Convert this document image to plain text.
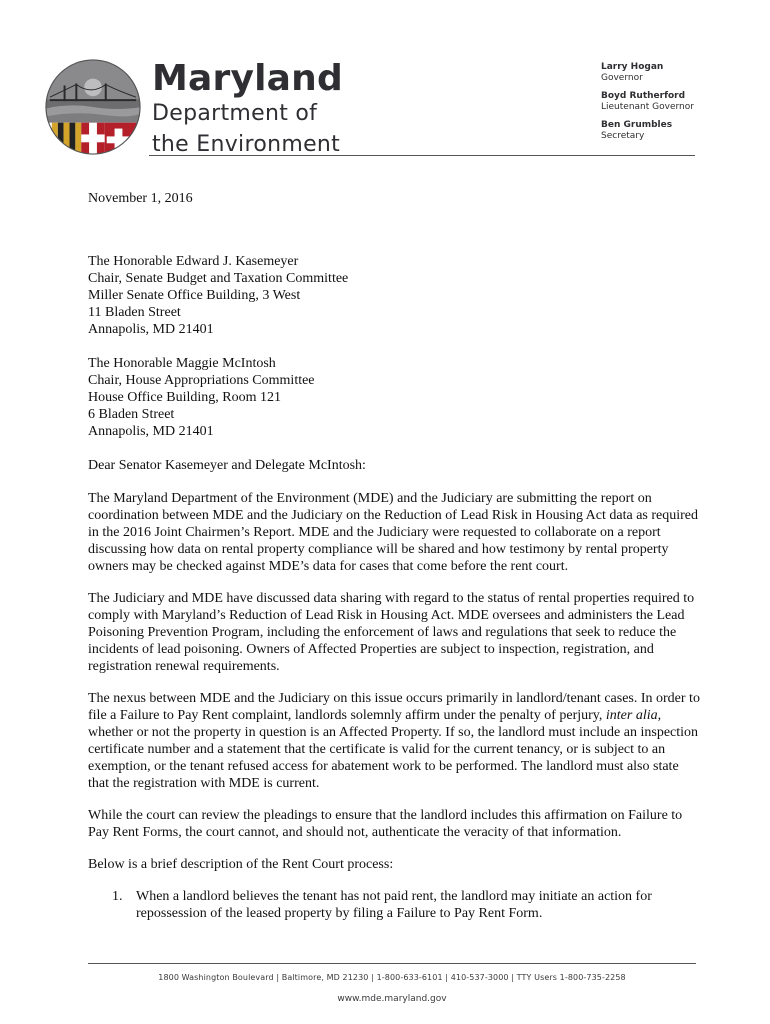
Maryland
Department of
the Environment
Larry Hogan
Governor
Boyd Rutherford
Lieutenant Governor
Ben Grumbles
Secretary

November 1, 2016

The Honorable Edward J. Kasemeyer
Chair, Senate Budget and Taxation Committee
Miller Senate Office Building, 3 West
11 Bladen Street
Annapolis, MD 21401

The Honorable Maggie McIntosh
Chair, House Appropriations Committee
House Office Building, Room 121
6 Bladen Street
Annapolis, MD 21401

Dear Senator Kasemeyer and Delegate McIntosh:

The Maryland Department of the Environment (MDE) and the Judiciary are submitting the report on coordination between MDE and the Judiciary on the Reduction of Lead Risk in Housing Act data as required in the 2016 Joint Chairmen’s Report. MDE and the Judiciary were requested to collaborate on a report discussing how data on rental property compliance will be shared and how testimony by rental property owners may be checked against MDE’s data for cases that come before the rent court.

The Judiciary and MDE have discussed data sharing with regard to the status of rental properties required to comply with Maryland’s Reduction of Lead Risk in Housing Act. MDE oversees and administers the Lead Poisoning Prevention Program, including the enforcement of laws and regulations that seek to reduce the incidents of lead poisoning. Owners of Affected Properties are subject to inspection, registration, and registration renewal requirements.

The nexus between MDE and the Judiciary on this issue occurs primarily in landlord/tenant cases. In order to file a Failure to Pay Rent complaint, landlords solemnly affirm under the penalty of perjury, inter alia, whether or not the property in question is an Affected Property. If so, the landlord must include an inspection certificate number and a statement that the certificate is valid for the current tenancy, or is subject to an exemption, or the tenant refused access for abatement work to be performed. The landlord must also state that the registration with MDE is current.

While the court can review the pleadings to ensure that the landlord includes this affirmation on Failure to Pay Rent Forms, the court cannot, and should not, authenticate the veracity of that information.

Below is a brief description of the Rent Court process:

1. When a landlord believes the tenant has not paid rent, the landlord may initiate an action for repossession of the leased property by filing a Failure to Pay Rent Form.
1800 Washington Boulevard | Baltimore, MD 21230 | 1-800-633-6101 | 410-537-3000 | TTY Users 1-800-735-2258
www.mde.maryland.gov
